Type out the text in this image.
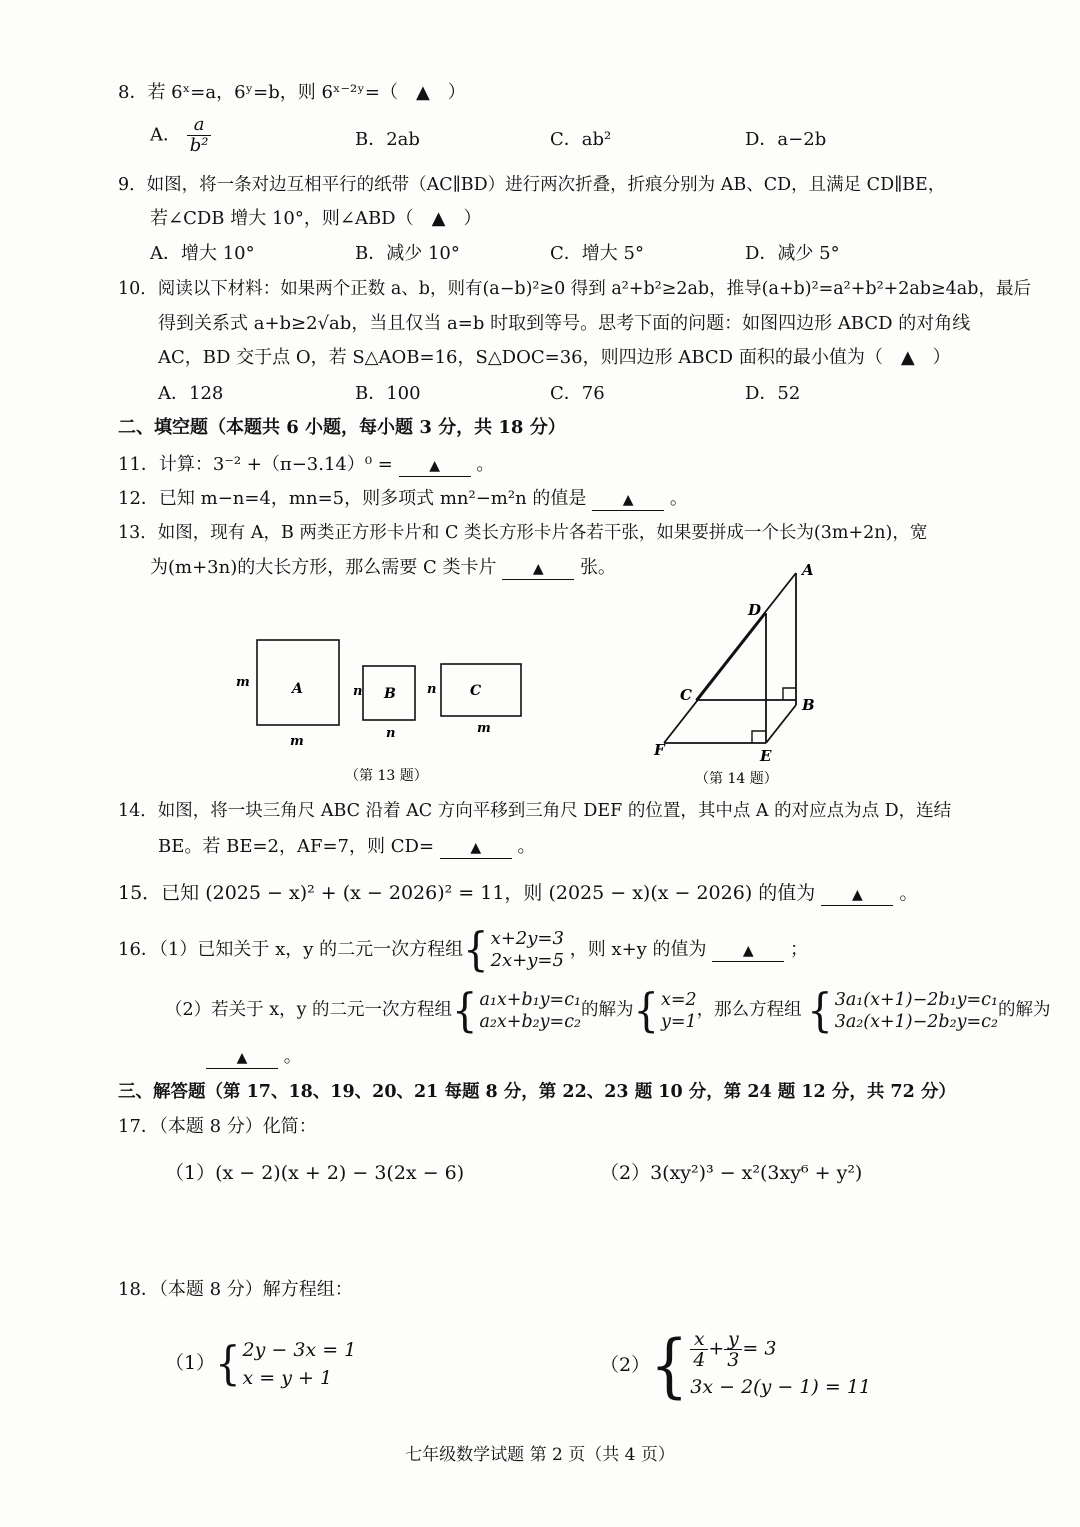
8．若 6ˣ=a，6ʸ=b，则 6ˣ⁻²ʸ=（　▲　）
A． $\frac{a}{\text{b²}}$	B．2ab	C．ab²	D．a−2b
9．如图，将一条对边互相平行的纸带（AC∥BD）进行两次折叠，折痕分别为 AB、CD，且满足 CD∥BE，
若∠CDB 增大 10°，则∠ABD（　▲　）
A．增大 10°	B．减少 10°	C．增大 5°	D．减少 5°
10．阅读以下材料：如果两个正数 a、b，则有(a−b)²≥0 得到 a²+b²≥2ab，推导(a+b)²=a²+b²+2ab≥4ab，最后
得到关系式 a+b≥2√ab，当且仅当 a=b 时取到等号。思考下面的问题：如图四边形 ABCD 的对角线
AC，BD 交于点 O，若 S△AOB=16，S△DOC=36，则四边形 ABCD 面积的最小值为（　▲　）
A．128	B．100	C．76	D．52
二、填空题（本题共 6 小题，每小题 3 分，共 18 分）
11．计算：3⁻² +（π−3.14）⁰ =	▲ 。
12．已知 m−n=4，mn=5，则多项式 mn²−m²n 的值是	▲ 。
13．如图，现有 A，B 两类正方形卡片和 C 类长方形卡片各若干张，如果要拼成一个长为(3m+2n)，宽
为(m+3n)的大长方形，那么需要 C 类卡片	▲ 张。
A
m
m
B
n
n
C
n
m
（第 13 题）
A
D
C
B
F	E
（第 14 题）
14．如图，将一块三角尺 ABC 沿着 AC 方向平移到三角尺 DEF 的位置，其中点 A 的对应点为点 D，连结
BE。若 BE=2，AF=7，则 CD=	▲ 。
15．已知 (2025 − x)² + (x − 2026)² = 11，则 (2025 − x)(x − 2026) 的值为	▲ 。
16．（1）已知关于 x，y 的二元一次方程组{ x+2y=3
2x+y=5
，则 x+y 的值为	▲ ；
（2）若关于 x，y 的二元一次方程组{ a₁x+b₁y=c₁
a₂x+b₂y=c₂
的解为{ x=2
y=1
，那么方程组 { 3a₁(x+1)−2b₁y=c₁
3a₂(x+1)−2b₂y=c₂
的解为
▲ 。
三、解答题（第 17、18、19、20、21 每题 8 分，第 22、23 题 10 分，第 24 题 12 分，共 72 分）
17．（本题 8 分）化简：
（1）(x − 2)(x + 2) − 3(2x − 6)	（2）3(xy²)³ − x²(3xy⁶ + y²)
18．（本题 8 分）解方程组：
（1）{ 2y − 3x = 1
x = y + 1
$(2)\{ \frac{x}{4} + \frac{y}{3} = 3$
3x − 2(y − 1) = 11
七年级数学试题 第 2 页（共 4 页）
